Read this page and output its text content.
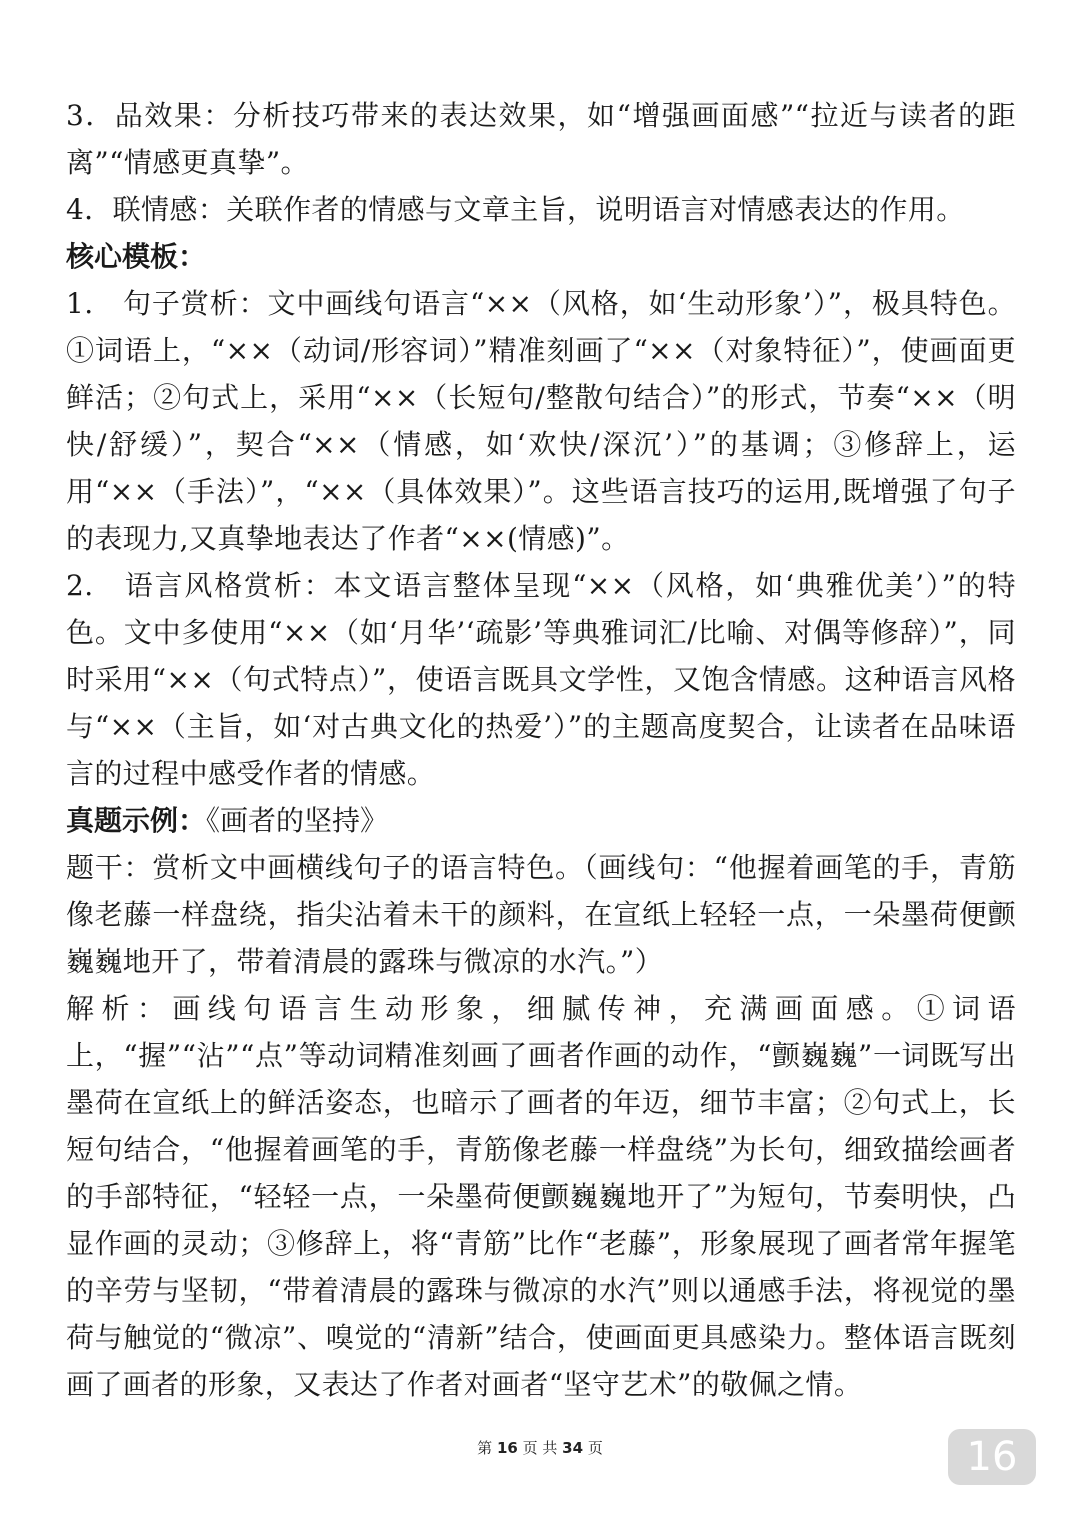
3．品效果：分析技巧带来的表达效果，如“增强画面感”“拉近与读者的距离”“情感更真挚”。

4．联情感：关联作者的情感与文章主旨，说明语言对情感表达的作用。

核心模板：

1.　句子赏析：文中画线句语言“××（风格，如‘生动形象’）”，极具特色。①词语上，“××（动词/形容词）”精准刻画了“××（对象特征）”，使画面更鲜活；②句式上，采用“××（长短句/整散句结合）”的形式，节奏“××（明快/舒缓）”，契合“××（情感，如‘欢快/深沉’）”的基调；③修辞上，运用“××（手法）”，“××（具体效果）”。这些语言技巧的运用,既增强了句子的表现力,又真挚地表达了作者“××(情感)”。

2.　语言风格赏析：本文语言整体呈现“××（风格，如‘典雅优美’）”的特色。文中多使用“××（如‘月华’‘疏影’等典雅词汇/比喻、对偶等修辞）”，同时采用“××（句式特点）”，使语言既具文学性，又饱含情感。这种语言风格与“××（主旨，如‘对古典文化的热爱’）”的主题高度契合，让读者在品味语言的过程中感受作者的情感。

真题示例：《画者的坚持》

题干：赏析文中画横线句子的语言特色。（画线句：“他握着画笔的手，青筋像老藤一样盘绕，指尖沾着未干的颜料，在宣纸上轻轻一点，一朵墨荷便颤巍巍地开了，带着清晨的露珠与微凉的水汽。”）

解析：画线句语言生动形象，细腻传神，充满画面感。①词语上，“握”“沾”“点”等动词精准刻画了画者作画的动作，“颤巍巍”一词既写出墨荷在宣纸上的鲜活姿态，也暗示了画者的年迈，细节丰富；②句式上，长短句结合，“他握着画笔的手，青筋像老藤一样盘绕”为长句，细致描绘画者的手部特征，“轻轻一点，一朵墨荷便颤巍巍地开了”为短句，节奏明快，凸显作画的灵动；③修辞上，将“青筋”比作“老藤”，形象展现了画者常年握笔的辛劳与坚韧，“带着清晨的露珠与微凉的水汽”则以通感手法，将视觉的墨荷与触觉的“微凉”、嗅觉的“清新”结合，使画面更具感染力。整体语言既刻画了画者的形象，又表达了作者对画者“坚守艺术”的敬佩之情。

第 16 页 共 34 页	16
